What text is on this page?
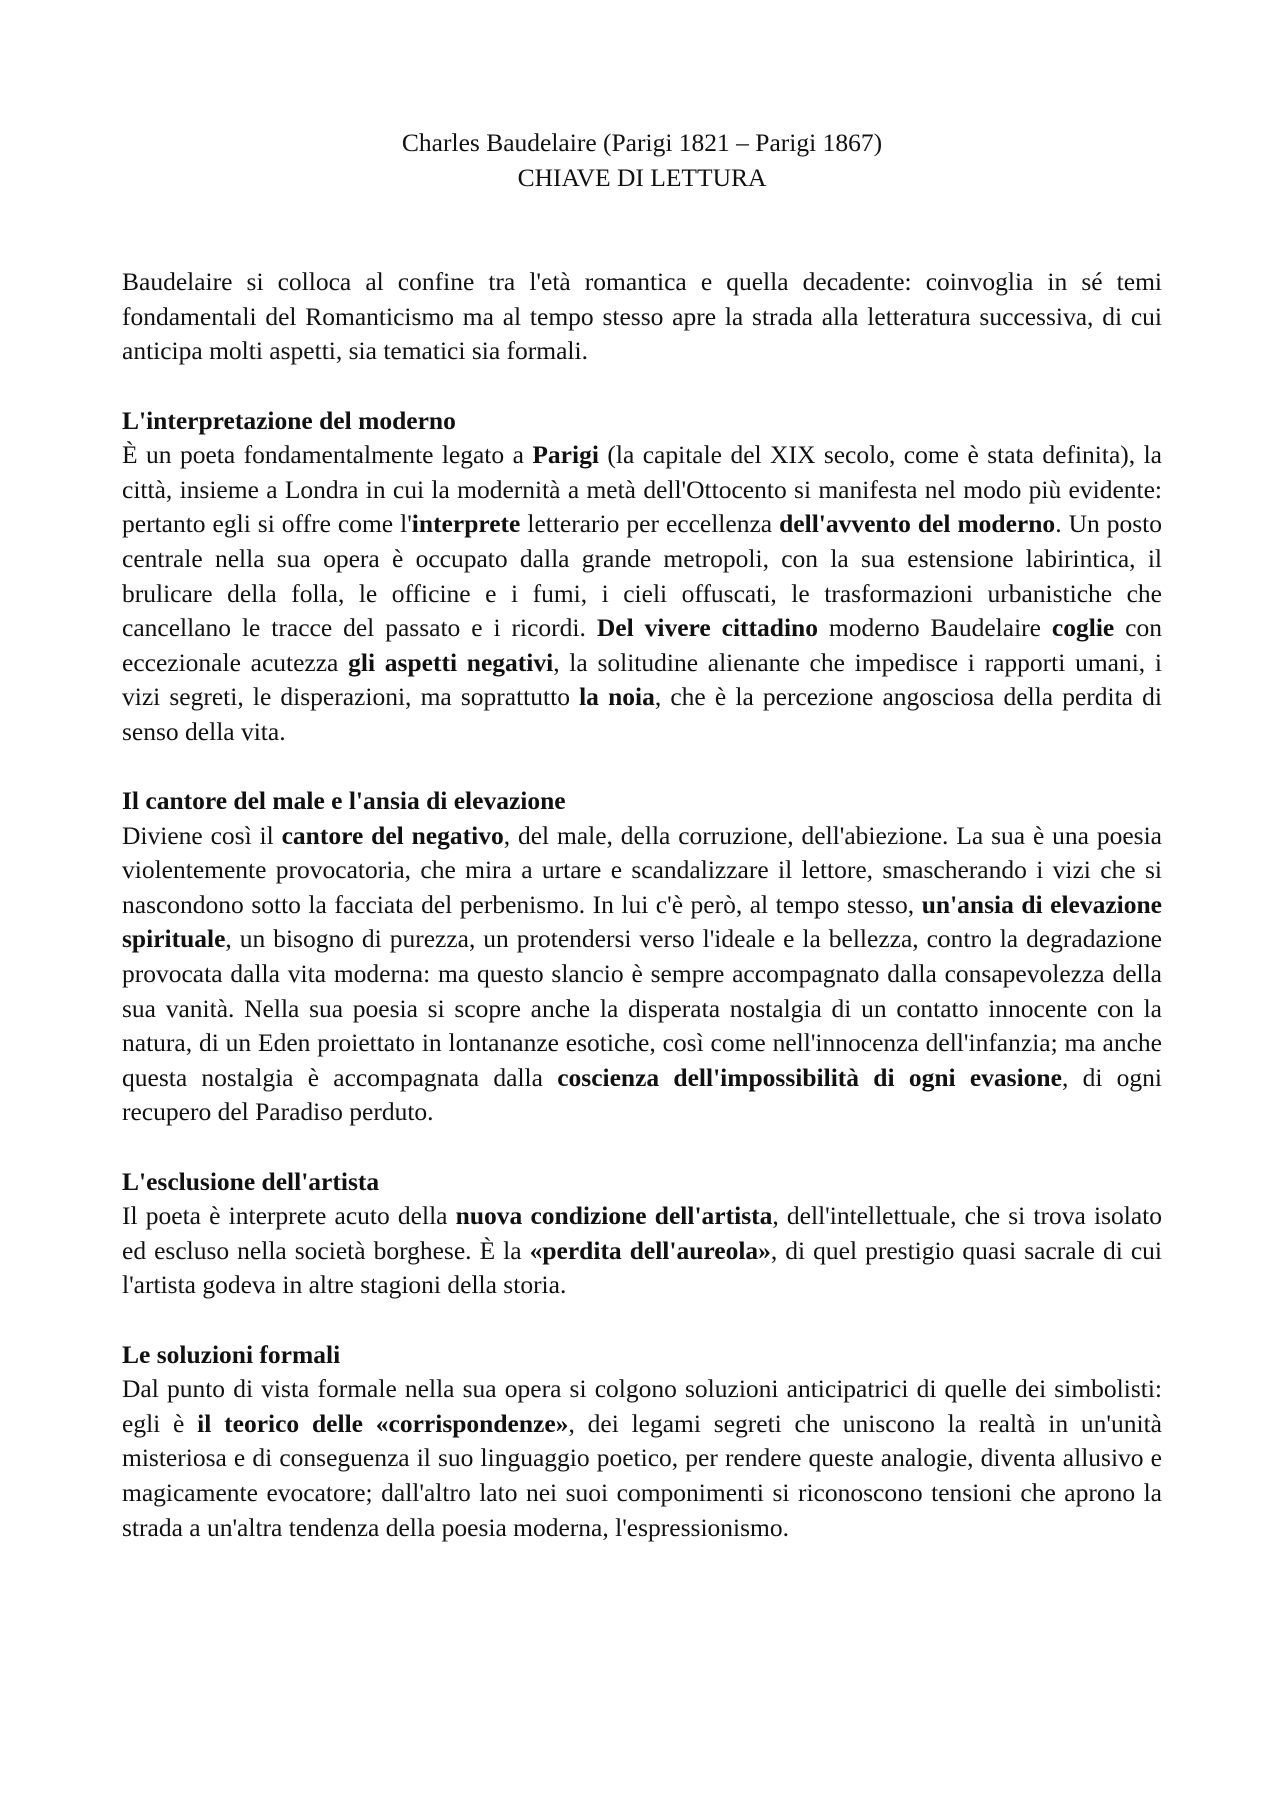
Charles Baudelaire (Parigi 1821 – Parigi 1867)
CHIAVE DI LETTURA

Baudelaire si colloca al confine tra l'età romantica e quella decadente: coinvoglia in sé temi fondamentali del Romanticismo ma al tempo stesso apre la strada alla letteratura successiva, di cui anticipa molti aspetti, sia tematici sia formali.

L'interpretazione del moderno

È un poeta fondamentalmente legato a Parigi (la capitale del XIX secolo, come è stata definita), la città, insieme a Londra in cui la modernità a metà dell'Ottocento si manifesta nel modo più evidente: pertanto egli si offre come l'interprete letterario per eccellenza dell'avvento del moderno. Un posto centrale nella sua opera è occupato dalla grande metropoli, con la sua estensione labirintica, il brulicare della folla, le officine e i fumi, i cieli offuscati, le trasformazioni urbanistiche che cancellano le tracce del passato e i ricordi. Del vivere cittadino moderno Baudelaire coglie con eccezionale acutezza gli aspetti negativi, la solitudine alienante che impedisce i rapporti umani, i vizi segreti, le disperazioni, ma soprattutto la noia, che è la percezione angosciosa della perdita di senso della vita.

Il cantore del male e l'ansia di elevazione

Diviene così il cantore del negativo, del male, della corruzione, dell'abiezione. La sua è una poesia violentemente provocatoria, che mira a urtare e scandalizzare il lettore, smascherando i vizi che si nascondono sotto la facciata del perbenismo. In lui c'è però, al tempo stesso, un'ansia di elevazione spirituale, un bisogno di purezza, un protendersi verso l'ideale e la bellezza, contro la degradazione provocata dalla vita moderna: ma questo slancio è sempre accompagnato dalla consapevolezza della sua vanità. Nella sua poesia si scopre anche la disperata nostalgia di un contatto innocente con la natura, di un Eden proiettato in lontananze esotiche, così come nell'innocenza dell'infanzia; ma anche questa nostalgia è accompagnata dalla coscienza dell'impossibilità di ogni evasione, di ogni recupero del Paradiso perduto.

L'esclusione dell'artista

Il poeta è interprete acuto della nuova condizione dell'artista, dell'intellettuale, che si trova isolato ed escluso nella società borghese. È la «perdita dell'aureola», di quel prestigio quasi sacrale di cui l'artista godeva in altre stagioni della storia.

Le soluzioni formali

Dal punto di vista formale nella sua opera si colgono soluzioni anticipatrici di quelle dei simbolisti: egli è il teorico delle «corrispondenze», dei legami segreti che uniscono la realtà in un'unità misteriosa e di conseguenza il suo linguaggio poetico, per rendere queste analogie, diventa allusivo e magicamente evocatore; dall'altro lato nei suoi componimenti si riconoscono tensioni che aprono la strada a un'altra tendenza della poesia moderna, l'espressionismo.
